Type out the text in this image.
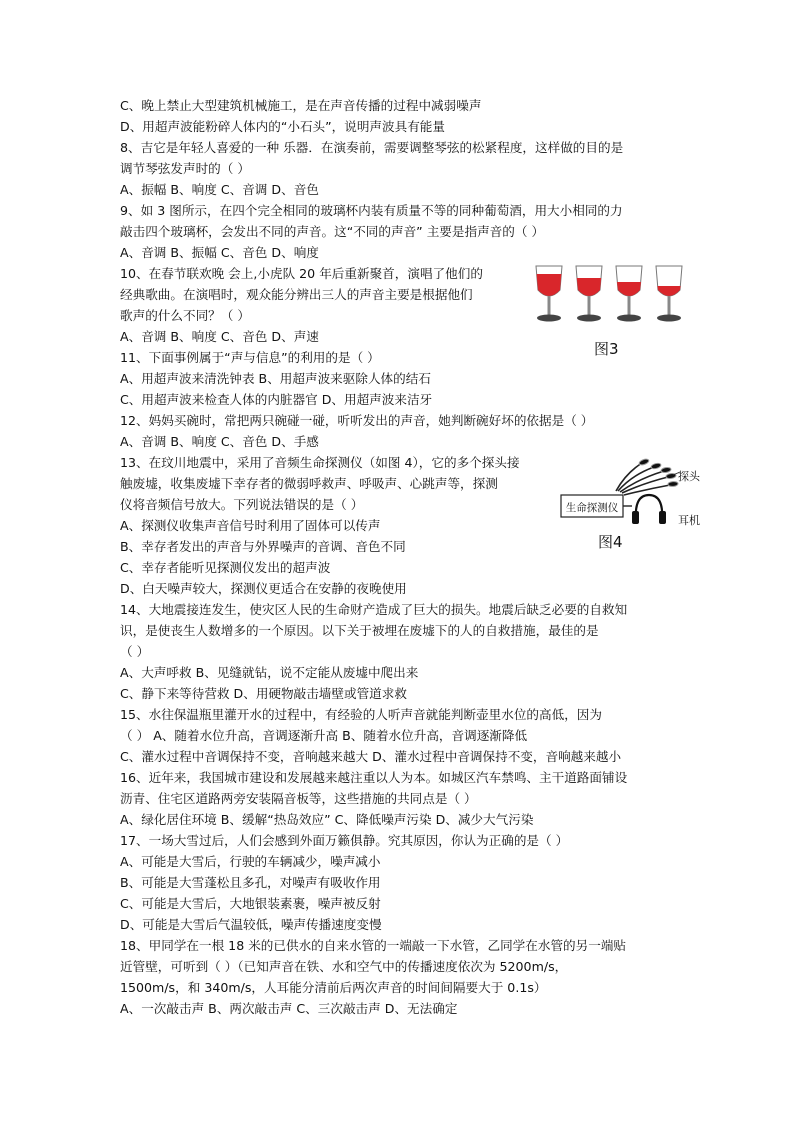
C、晚上禁止大型建筑机械施工，是在声音传播的过程中减弱噪声
D、用超声波能粉碎人体内的“小石头”，说明声波具有能量
8、吉它是年轻人喜爱的一种 乐器．在演奏前，需要调整琴弦的松紧程度，这样做的目的是
调节琴弦发声时的（ ）
A、振幅 B、响度 C、音调 D、音色
9、如 3 图所示，在四个完全相同的玻璃杯内装有质量不等的同种葡萄酒，用大小相同的力
敲击四个玻璃杯，会发出不同的声音。这“不同的声音” 主要是指声音的（ ）
A、音调 B、振幅 C、音色 D、响度
10、在春节联欢晚 会上,小虎队 20 年后重新聚首，演唱了他们的
经典歌曲。在演唱时，观众能分辨出三人的声音主要是根据他们
歌声的什么不同？（ ）
A、音调 B、响度 C、音色 D、声速
11、下面事例属于“声与信息”的利用的是（ ）
A、用超声波来清洗钟表 B、用超声波来驱除人体的结石
C、用超声波来检查人体的内脏器官 D、用超声波来洁牙
12、妈妈买碗时，常把两只碗碰一碰，听听发出的声音，她判断碗好坏的依据是（ ）
A、音调 B、响度 C、音色 D、手感
13、在玟川地震中，采用了音频生命探测仪（如图 4），它的多个探头接
触废墟，收集废墟下幸存者的微弱呼救声、呼吸声、心跳声等，探测
仪将音频信号放大。下列说法错误的是（ ）
A、探测仪收集声音信号时利用了固体可以传声
B、幸存者发出的声音与外界噪声的音调、音色不同
C、幸存者能听见探测仪发出的超声波
D、白天噪声较大，探测仪更适合在安静的夜晚使用
14、大地震接连发生，使灾区人民的生命财产造成了巨大的损失。地震后缺乏必要的自救知
识，是使丧生人数增多的一个原因。以下关于被埋在废墟下的人的自救措施，最佳的是
（ ）
A、大声呼救 B、见缝就钻，说不定能从废墟中爬出来
C、静下来等待营救 D、用硬物敲击墙壁或管道求救
15、水往保温瓶里灌开水的过程中，有经验的人听声音就能判断壶里水位的高低，因为
（ ） A、随着水位升高，音调逐渐升高 B、随着水位升高，音调逐渐降低
C、灌水过程中音调保持不变，音响越来越大 D、灌水过程中音调保持不变，音响越来越小
16、近年来，我国城市建设和发展越来越注重以人为本。如城区汽车禁鸣、主干道路面铺设
沥青、住宅区道路两旁安装隔音板等，这些措施的共同点是（ ）
A、绿化居住环境 B、缓解“热岛效应” C、降低噪声污染 D、减少大气污染
17、一场大雪过后，人们会感到外面万籁俱静。究其原因，你认为正确的是（ ）
A、可能是大雪后，行驶的车辆减少，噪声减小
B、可能是大雪蓬松且多孔，对噪声有吸收作用
C、可能是大雪后，大地银装素裹，噪声被反射
D、可能是大雪后气温较低，噪声传播速度变慢
18、甲同学在一根 18 米的已供水的自来水管的一端敲一下水管，乙同学在水管的另一端贴
近管壁，可听到（ ）（已知声音在铁、水和空气中的传播速度依次为 5200m/s，
1500m/s，和 340m/s，人耳能分清前后两次声音的时间间隔要大于 0.1s）
A、一次敲击声 B、两次敲击声 C、三次敲击声 D、无法确定
图3
生命探测仪
探头
耳机
图4
